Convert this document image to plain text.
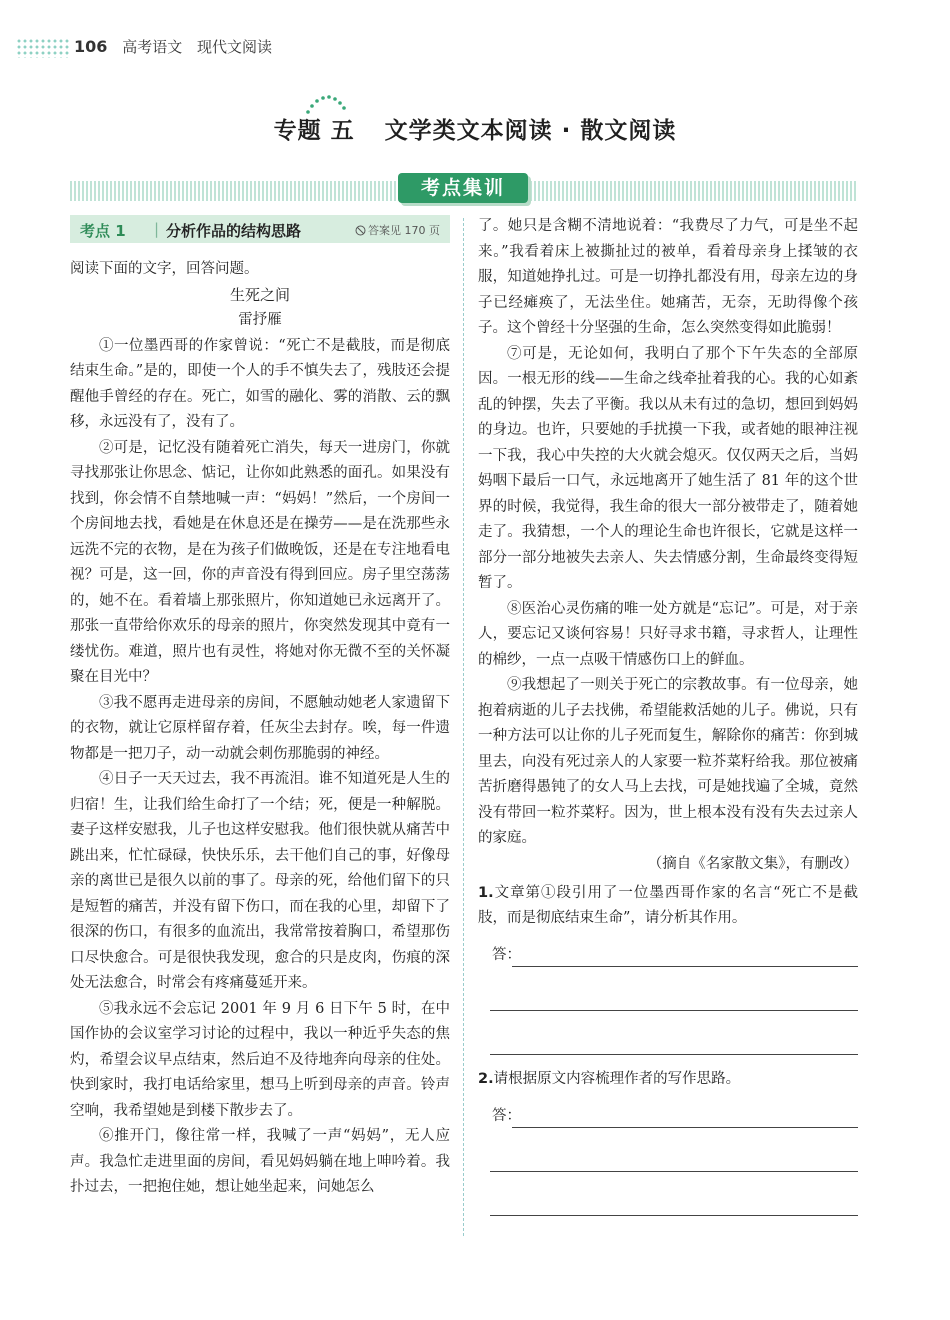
106 高考语文 现代文阅读
专题 五 文学类文本阅读 · 散文阅读
考点集训
考点 1 | 分析作品的结构思路	答案见 170 页

阅读下面的文字，回答问题。

生死之间

雷抒雁

①一位墨西哥的作家曾说：“死亡不是截肢，而是彻底结束生命。”是的，即使一个人的手不慎失去了，残肢还会提醒他手曾经的存在。死亡，如雪的融化、雾的消散、云的飘移，永远没有了，没有了。

②可是，记忆没有随着死亡消失，每天一进房门，你就寻找那张让你思念、惦记，让你如此熟悉的面孔。如果没有找到，你会情不自禁地喊一声：“妈妈！”然后，一个房间一个房间地去找，看她是在休息还是在操劳——是在洗那些永远洗不完的衣物，是在为孩子们做晚饭，还是在专注地看电视？可是，这一回，你的声音没有得到回应。房子里空荡荡的，她不在。看着墙上那张照片，你知道她已永远离开了。那张一直带给你欢乐的母亲的照片，你突然发现其中竟有一缕忧伤。难道，照片也有灵性，将她对你无微不至的关怀凝聚在目光中？

③我不愿再走进母亲的房间，不愿触动她老人家遗留下的衣物，就让它原样留存着，任灰尘去封存。唉，每一件遗物都是一把刀子，动一动就会刺伤那脆弱的神经。

④日子一天天过去，我不再流泪。谁不知道死是人生的归宿！生，让我们给生命打了一个结；死，便是一种解脱。妻子这样安慰我，儿子也这样安慰我。他们很快就从痛苦中跳出来，忙忙碌碌，快快乐乐，去干他们自己的事，好像母亲的离世已是很久以前的事了。母亲的死，给他们留下的只是短暂的痛苦，并没有留下伤口，而在我的心里，却留下了很深的伤口，有很多的血流出，我常常按着胸口，希望那伤口尽快愈合。可是很快我发现，愈合的只是皮肉，伤痕的深处无法愈合，时常会有疼痛蔓延开来。

⑤我永远不会忘记 2001 年 9 月 6 日下午 5 时，在中国作协的会议室学习讨论的过程中，我以一种近乎失态的焦灼，希望会议早点结束，然后迫不及待地奔向母亲的住处。快到家时，我打电话给家里，想马上听到母亲的声音。铃声空响，我希望她是到楼下散步去了。

⑥推开门，像往常一样，我喊了一声“妈妈”，无人应声。我急忙走进里面的房间，看见妈妈躺在地上呻吟着。我扑过去，一把抱住她，想让她坐起来，问她怎么

了。她只是含糊不清地说着：“我费尽了力气，可是坐不起来。”我看着床上被撕扯过的被单，看着母亲身上揉皱的衣服，知道她挣扎过。可是一切挣扎都没有用，母亲左边的身子已经瘫痪了，无法坐住。她痛苦，无奈，无助得像个孩子。这个曾经十分坚强的生命，怎么突然变得如此脆弱！

⑦可是，无论如何，我明白了那个下午失态的全部原因。一根无形的线——生命之线牵扯着我的心。我的心如紊乱的钟摆，失去了平衡。我以从未有过的急切，想回到妈妈的身边。也许，只要她的手扰摸一下我，或者她的眼神注视一下我，我心中失控的大火就会熄灭。仅仅两天之后，当妈妈咽下最后一口气，永远地离开了她生活了 81 年的这个世界的时候，我觉得，我生命的很大一部分被带走了，随着她走了。我猜想，一个人的理论生命也许很长，它就是这样一部分一部分地被失去亲人、失去情感分割，生命最终变得短暂了。

⑧医治心灵伤痛的唯一处方就是“忘记”。可是，对于亲人，要忘记又谈何容易！只好寻求书籍，寻求哲人，让理性的棉纱，一点一点吸干情感伤口上的鲜血。

⑨我想起了一则关于死亡的宗教故事。有一位母亲，她抱着病逝的儿子去找佛，希望能救活她的儿子。佛说，只有一种方法可以让你的儿子死而复生，解除你的痛苦：你到城里去，向没有死过亲人的人家要一粒芥菜籽给我。那位被痛苦折磨得愚钝了的女人马上去找，可是她找遍了全城，竟然没有带回一粒芥菜籽。因为，世上根本没有没有失去过亲人的家庭。

（摘自《名家散文集》，有删改）

1.文章第①段引用了一位墨西哥作家的名言“死亡不是截肢，而是彻底结束生命”，请分析其作用。

答：

2.请根据原文内容梳理作者的写作思路。

答：
